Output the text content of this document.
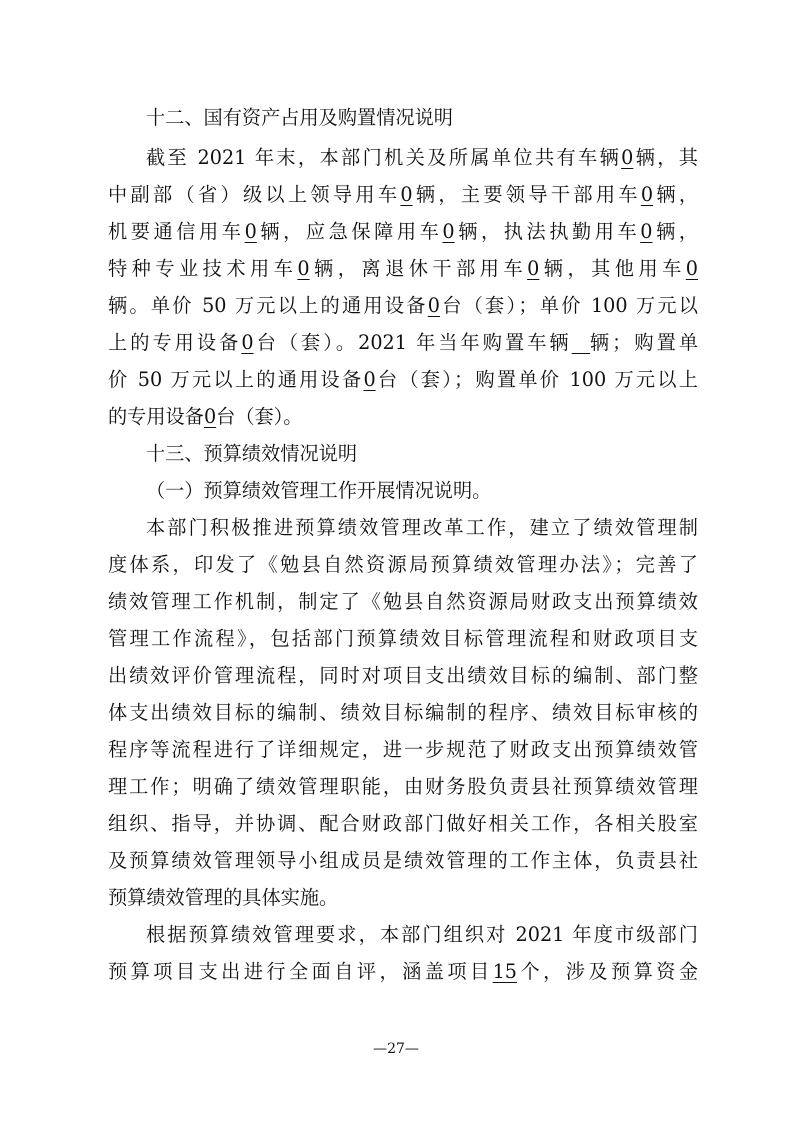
十二、国有资产占用及购置情况说明
截至 2021 年末，本部门机关及所属单位共有车辆0辆，其
中副部（省）级以上领导用车0辆，主要领导干部用车0辆，
机要通信用车0辆，应急保障用车0辆，执法执勤用车0辆，
特种专业技术用车0辆，离退休干部用车0辆，其他用车0
辆。单价 50 万元以上的通用设备0台（套）；单价 100 万元以
上的专用设备0台（套）。2021 年当年购置车辆 辆；购置单
价 50 万元以上的通用设备0台（套）；购置单价 100 万元以上
的专用设备0台（套）。
十三、预算绩效情况说明
（一）预算绩效管理工作开展情况说明。
本部门积极推进预算绩效管理改革工作，建立了绩效管理制
度体系，印发了《勉县自然资源局预算绩效管理办法》；完善了
绩效管理工作机制，制定了《勉县自然资源局财政支出预算绩效
管理工作流程》，包括部门预算绩效目标管理流程和财政项目支
出绩效评价管理流程，同时对项目支出绩效目标的编制、部门整
体支出绩效目标的编制、绩效目标编制的程序、绩效目标审核的
程序等流程进行了详细规定，进一步规范了财政支出预算绩效管
理工作；明确了绩效管理职能，由财务股负责县社预算绩效管理
组织、指导，并协调、配合财政部门做好相关工作，各相关股室
及预算绩效管理领导小组成员是绩效管理的工作主体，负责县社
预算绩效管理的具体实施。
根据预算绩效管理要求，本部门组织对 2021 年度市级部门
预算项目支出进行全面自评，涵盖项目15个，涉及预算资金
—27—
